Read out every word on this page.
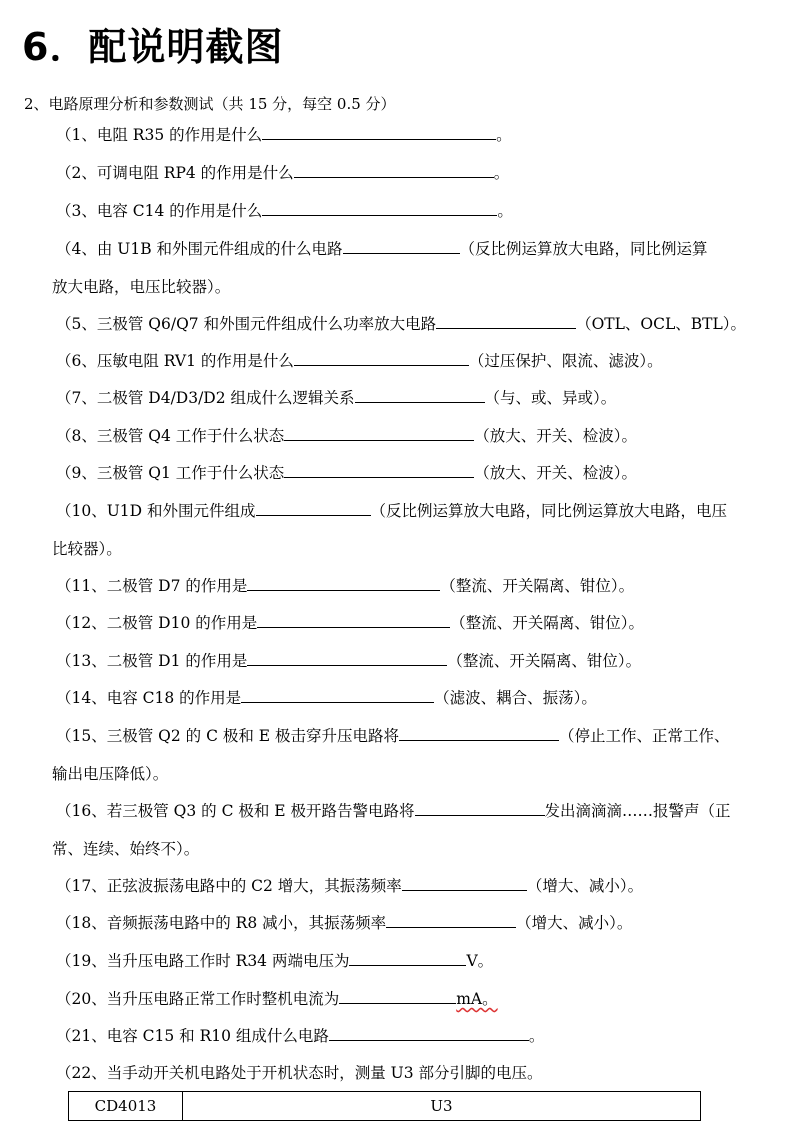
6．配说明截图
2、电路原理分析和参数测试（共 15 分，每空 0.5 分）
（1、电阻 R35 的作用是什么	。
（2、可调电阻 RP4 的作用是什么	。
（3、电容 C14 的作用是什么	。
（4、由 U1B 和外围元件组成的什么电路	（反比例运算放大电路，同比例运算
放大电路，电压比较器）。
（5、三极管 Q6/Q7 和外围元件组成什么功率放大电路	（OTL、OCL、BTL）。
（6、压敏电阻 RV1 的作用是什么	（过压保护、限流、滤波）。
（7、二极管 D4/D3/D2 组成什么逻辑关系	（与、或、异或）。
（8、三极管 Q4 工作于什么状态	（放大、开关、检波）。
（9、三极管 Q1 工作于什么状态	（放大、开关、检波）。
（10、U1D 和外围元件组成	（反比例运算放大电路，同比例运算放大电路，电压
比较器）。
（11、二极管 D7 的作用是	（整流、开关隔离、钳位）。
（12、二极管 D10 的作用是	（整流、开关隔离、钳位）。
（13、二极管 D1 的作用是	（整流、开关隔离、钳位）。
（14、电容 C18 的作用是	（滤波、耦合、振荡）。
（15、三极管 Q2 的 C 极和 E 极击穿升压电路将	（停止工作、正常工作、
输出电压降低）。
（16、若三极管 Q3 的 C 极和 E 极开路告警电路将	发出滴滴滴……报警声（正
常、连续、始终不）。
（17、正弦波振荡电路中的 C2 增大，其振荡频率	（增大、减小）。
（18、音频振荡电路中的 R8 减小，其振荡频率	（增大、减小）。
（19、当升压电路工作时 R34 两端电压为	V。
（20、当升压电路正常工作时整机电流为	mA。
（21、电容 C15 和 R10 组成什么电路	。
（22、当手动开关机电路处于开机状态时，测量 U3 部分引脚的电压。
CD4013	U3
